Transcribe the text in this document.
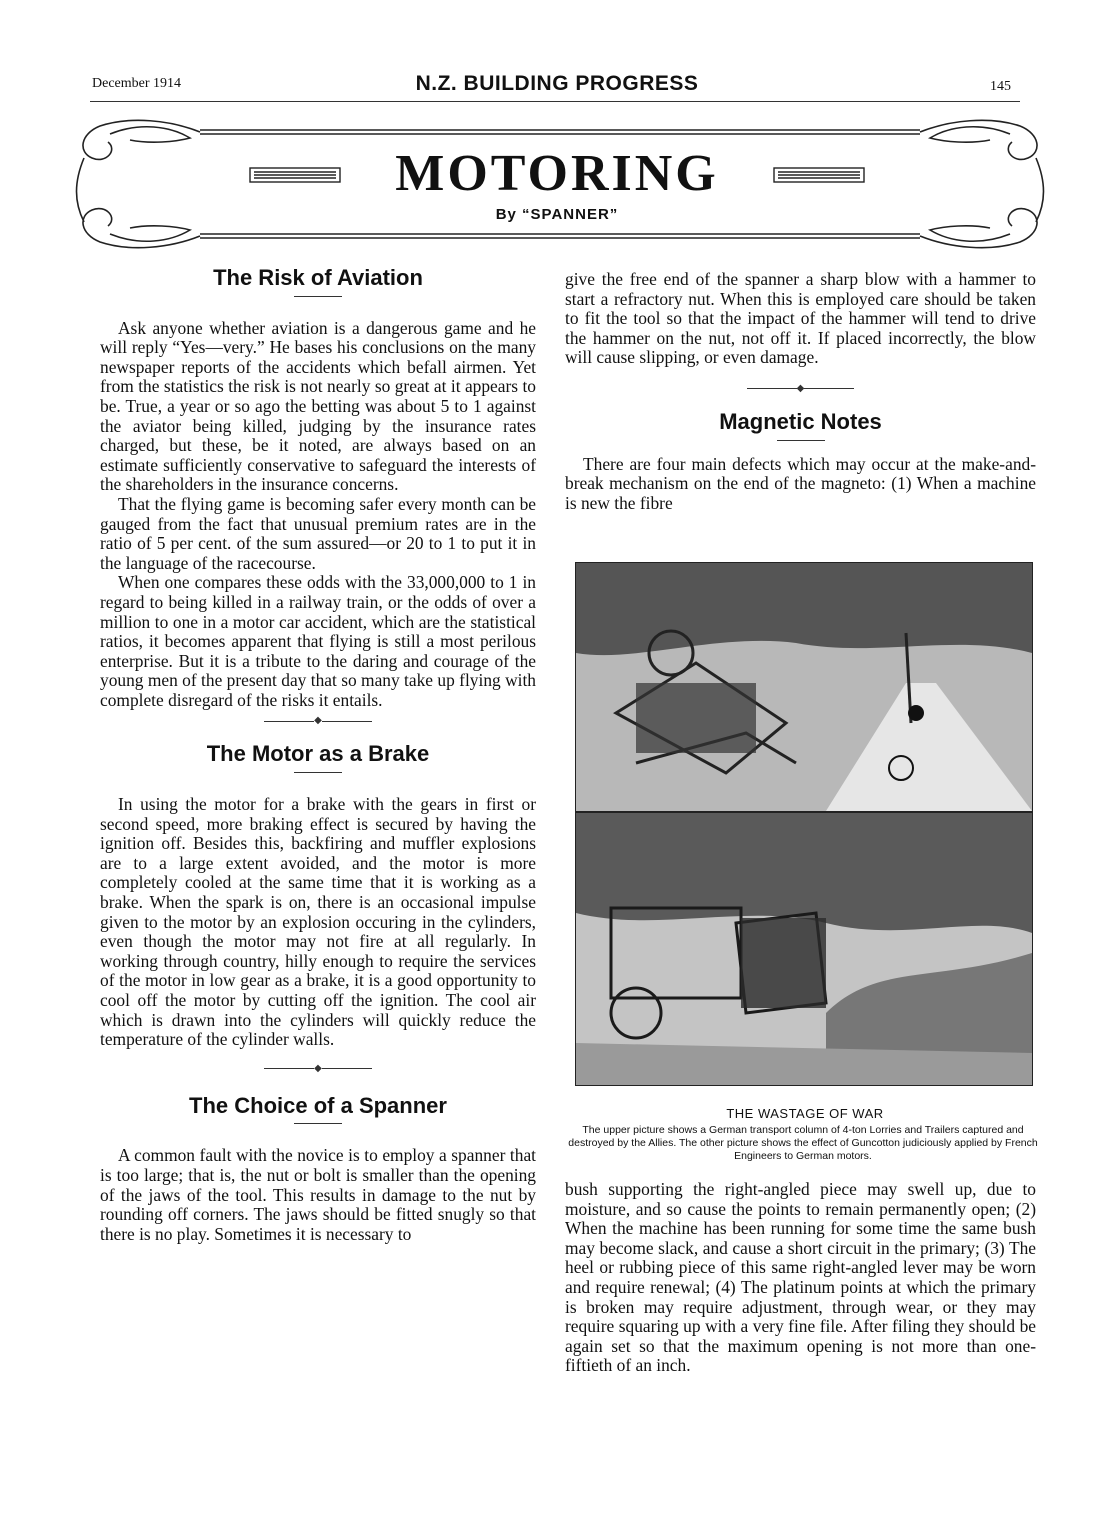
December 1914	N.Z. BUILDING PROGRESS	145
MOTORING
By “SPANNER”
The Risk of Aviation

Ask anyone whether aviation is a dangerous game and he will reply “Yes—very.” He bases his conclusions on the many newspaper reports of the accidents which befall airmen. Yet from the statistics the risk is not nearly so great at it appears to be. True, a year or so ago the betting was about 5 to 1 against the aviator being killed, judging by the insurance rates charged, but these, be it noted, are always based on an estimate sufficiently conservative to safeguard the interests of the shareholders in the insurance concerns.

That the flying game is becoming safer every month can be gauged from the fact that unusual premium rates are in the ratio of 5 per cent. of the sum assured—or 20 to 1 to put it in the language of the racecourse.

When one compares these odds with the 33,000,000 to 1 in regard to being killed in a railway train, or the odds of over a million to one in a motor car accident, which are the statistical ratios, it becomes apparent that flying is still a most perilous enterprise. But it is a tribute to the daring and courage of the young men of the present day that so many take up flying with complete disregard of the risks it entails.

◆
The Motor as a Brake

In using the motor for a brake with the gears in first or second speed, more braking effect is secured by having the ignition off. Besides this, backfiring and muffler explosions are to a large extent avoided, and the motor is more completely cooled at the same time that it is working as a brake. When the spark is on, there is an occasional impulse given to the motor by an explosion occuring in the cylinders, even though the motor may not fire at all regularly. In working through country, hilly enough to require the services of the motor in low gear as a brake, it is a good opportunity to cool off the motor by cutting off the ignition. The cool air which is drawn into the cylinders will quickly reduce the temperature of the cylinder walls.

◆
The Choice of a Spanner

A common fault with the novice is to employ a spanner that is too large; that is, the nut or bolt is smaller than the opening of the jaws of the tool. This results in damage to the nut by rounding off corners. The jaws should be fitted snugly so that there is no play. Sometimes it is necessary to

give the free end of the spanner a sharp blow with a hammer to start a refractory nut. When this is employed care should be taken to fit the tool so that the impact of the hammer will tend to drive the hammer on the nut, not off it. If placed incorrectly, the blow will cause slipping, or even damage.

◆
Magnetic Notes

There are four main defects which may occur at the make-and-break mechanism on the end of the magneto: (1) When a machine is new the fibre

THE WASTAGE OF WAR
The upper picture shows a German transport column of 4-ton Lorries and Trailers captured and destroyed by the Allies. The other picture shows the effect of Guncotton judiciously applied by French Engineers to German motors.

bush supporting the right-angled piece may swell up, due to moisture, and so cause the points to remain permanently open; (2) When the machine has been running for some time the same bush may become slack, and cause a short circuit in the primary; (3) The heel or rubbing piece of this same right-angled lever may be worn and require renewal; (4) The platinum points at which the primary is broken may require adjustment, through wear, or they may require squaring up with a very fine file. After filing they should be again set so that the maximum opening is not more than one-fiftieth of an inch.
